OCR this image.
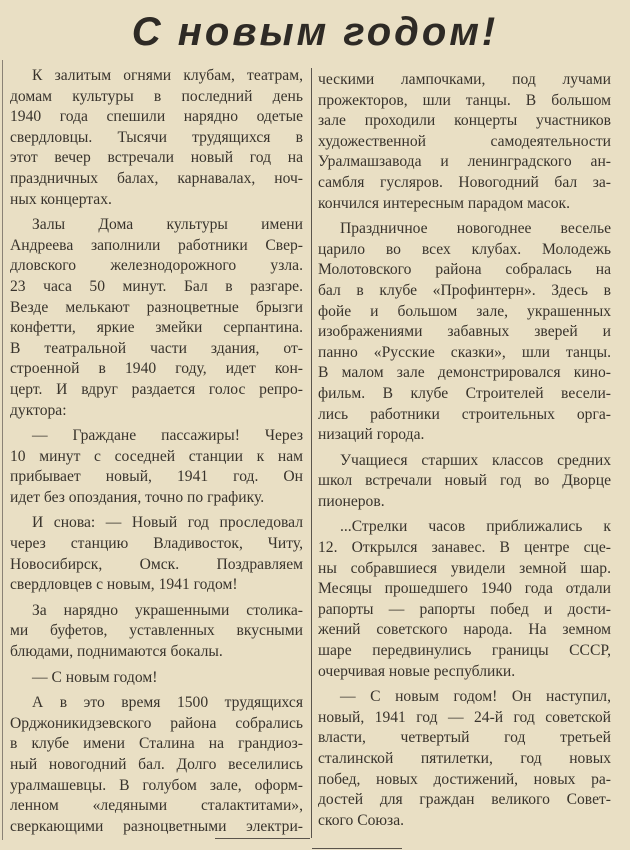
С новым годом!
К залитым огнями клубам, театрам,
домам культуры в последний день
1940 года спешили нарядно одетые
свердловцы. Тысячи трудящихся в
этот вечер встречали новый год на
праздничных балах, карнавалах, ноч-
ных концертах.
Залы Дома культуры имени
Андреева заполнили работники Свер-
дловского железнодорожного узла.
23 часа 50 минут. Бал в разгаре.
Везде мелькают разноцветные брызги
конфетти, яркие змейки серпантина.
В театральной части здания, от-
строенной в 1940 году, идет кон-
церт. И вдруг раздается голос репро-
дуктора:
— Граждане пассажиры! Через
10 минут с соседней станции к нам
прибывает новый, 1941 год. Он
идет без опоздания, точно по графику.
И снова: — Новый год проследовал
через станцию Владивосток, Читу,
Новосибирск, Омск. Поздравляем
свердловцев с новым, 1941 годом!
За нарядно украшенными столика-
ми буфетов, уставленных вкусными
блюдами, поднимаются бокалы.
— С новым годом!
А в это время 1500 трудящихся
Орджоникидзевского района собрались
в клубе имени Сталина на грандиоз-
ный новогодний бал. Долго веселились
уралмашевцы. В голубом зале, оформ-
ленном «ледяными сталактитами»,
сверкающими разноцветными электри-
ческими лампочками, под лучами
прожекторов, шли танцы. В большом
зале проходили концерты участников
художественной самодеятельности
Уралмашзавода и ленинградского ан-
самбля гусляров. Новогодний бал за-
кончился интересным парадом масок.
Праздничное новогоднее веселье
царило во всех клубах. Молодежь
Молотовского района собралась на
бал в клубе «Профинтерн». Здесь в
фойе и большом зале, украшенных
изображениями забавных зверей и
панно «Русские сказки», шли танцы.
В малом зале демонстрировался кино-
фильм. В клубе Строителей весели-
лись работники строительных орга-
низаций города.
Учащиеся старших классов средних
школ встречали новый год во Дворце
пионеров.
...Стрелки часов приближались к
12. Открылся занавес. В центре сце-
ны собравшиеся увидели земной шар.
Месяцы прошедшего 1940 года отдали
рапорты — рапорты побед и дости-
жений советского народа. На земном
шаре передвинулись границы СССР,
очерчивая новые республики.
— С новым годом! Он наступил,
новый, 1941 год — 24-й год советской
власти, четвертый год третьей
сталинской пятилетки, год новых
побед, новых достижений, новых ра-
достей для граждан великого Совет-
ского Союза.
